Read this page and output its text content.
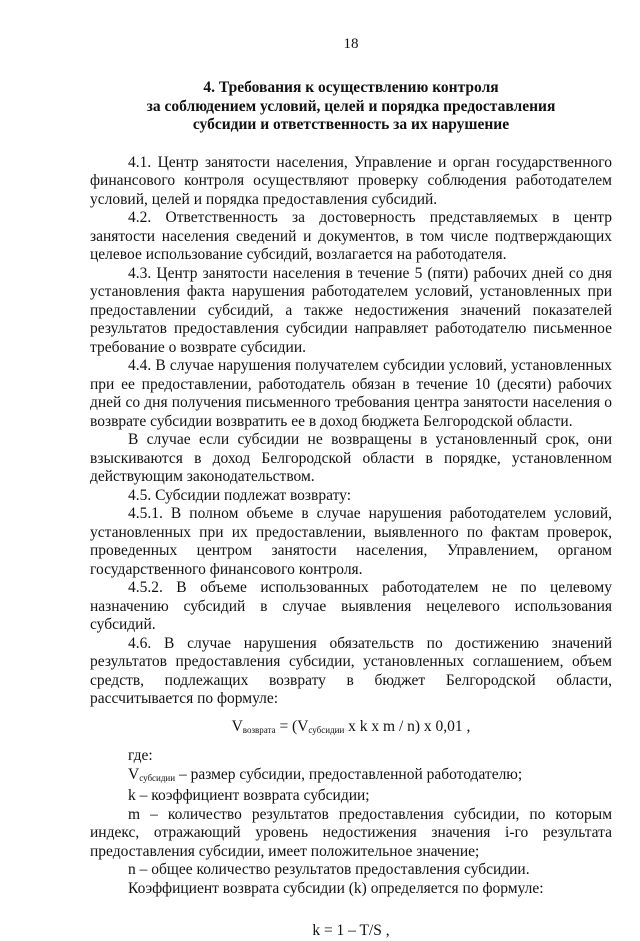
18
4. Требования к осуществлению контроля
за соблюдением условий, целей и порядка предоставления
субсидии и ответственность за их нарушение

4.1. Центр занятости населения, Управление и орган государственного финансового контроля осуществляют проверку соблюдения работодателем условий, целей и порядка предоставления субсидий.

4.2. Ответственность за достоверность представляемых в центр занятости населения сведений и документов, в том числе подтверждающих целевое использование субсидий, возлагается на работодателя.

4.3. Центр занятости населения в течение 5 (пяти) рабочих дней со дня установления факта нарушения работодателем условий, установленных при предоставлении субсидий, а также недостижения значений показателей результатов предоставления субсидии направляет работодателю письменное требование о возврате субсидии.

4.4. В случае нарушения получателем субсидии условий, установленных при ее предоставлении, работодатель обязан в течение 10 (десяти) рабочих дней со дня получения письменного требования центра занятости населения о возврате субсидии возвратить ее в доход бюджета Белгородской области.

В случае если субсидии не возвращены в установленный срок, они взыскиваются в доход Белгородской области в порядке, установленном действующим законодательством.

4.5. Субсидии подлежат возврату:

4.5.1. В полном объеме в случае нарушения работодателем условий, установленных при их предоставлении, выявленного по фактам проверок, проведенных центром занятости населения, Управлением, органом государственного финансового контроля.

4.5.2. В объеме использованных работодателем не по целевому назначению субсидий в случае выявления нецелевого использования субсидий.

4.6. В случае нарушения обязательств по достижению значений результатов предоставления субсидии, установленных соглашением, объем средств, подлежащих возврату в бюджет Белгородской области, рассчитывается по формуле:

$V_{возврата} = (V_{субсидии}$ x k x m / n) x 0,01 ,
где:

Vсубсидии – размер субсидии, предоставленной работодателю;

k – коэффициент возврата субсидии;

m – количество результатов предоставления субсидии, по которым индекс, отражающий уровень недостижения значения i-го результата предоставления субсидии, имеет положительное значение;

n – общее количество результатов предоставления субсидии.

Коэффициент возврата субсидии (k) определяется по формуле:

k = 1 – T/S ,
